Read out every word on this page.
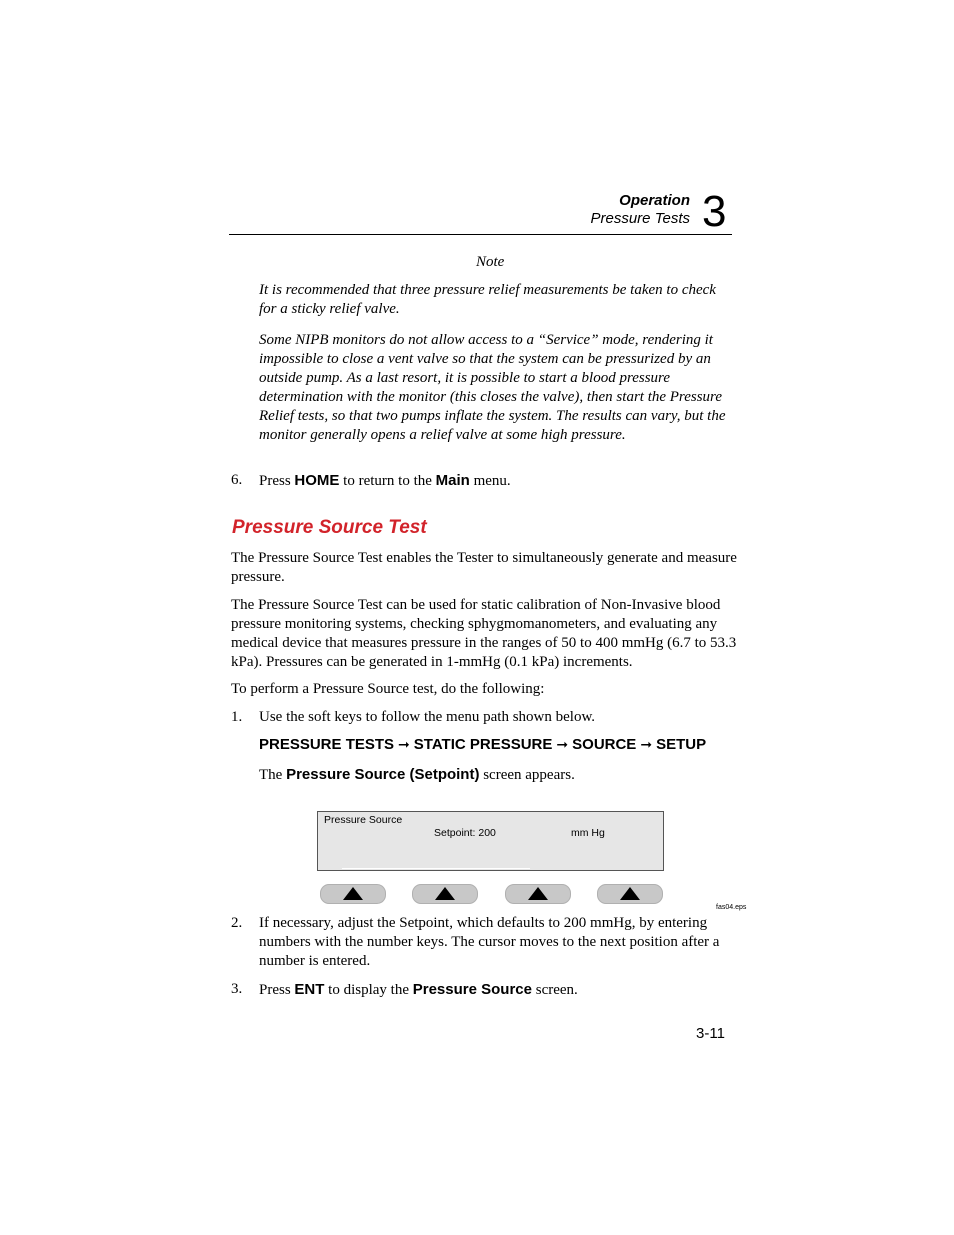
Operation
Pressure Tests 3
Note
It is recommended that three pressure relief measurements be taken to check for a sticky relief valve.
Some NIPB monitors do not allow access to a “Service” mode, rendering it impossible to close a vent valve so that the system can be pressurized by an outside pump. As a last resort, it is possible to start a blood pressure determination with the monitor (this closes the valve), then start the Pressure Relief tests, so that two pumps inflate the system. The results can vary, but the monitor generally opens a relief valve at some high pressure.
6. Press HOME to return to the Main menu.
Pressure Source Test
The Pressure Source Test enables the Tester to simultaneously generate and measure pressure.
The Pressure Source Test can be used for static calibration of Non-Invasive blood pressure monitoring systems, checking sphygmomanometers, and evaluating any medical device that measures pressure in the ranges of 50 to 400 mmHg (6.7 to 53.3 kPa). Pressures can be generated in 1-mmHg (0.1 kPa) increments.
To perform a Pressure Source test, do the following:
1. Use the soft keys to follow the menu path shown below.
PRESSURE TESTS ➞ STATIC PRESSURE ➞ SOURCE ➞ SETUP
The Pressure Source (Setpoint) screen appears.
Pressure Source
Setpoint: 200	mm Hg
fas04.eps
2. If necessary, adjust the Setpoint, which defaults to 200 mmHg, by entering numbers with the number keys. The cursor moves to the next position after a number is entered.
3. Press ENT to display the Pressure Source screen.
3-11
